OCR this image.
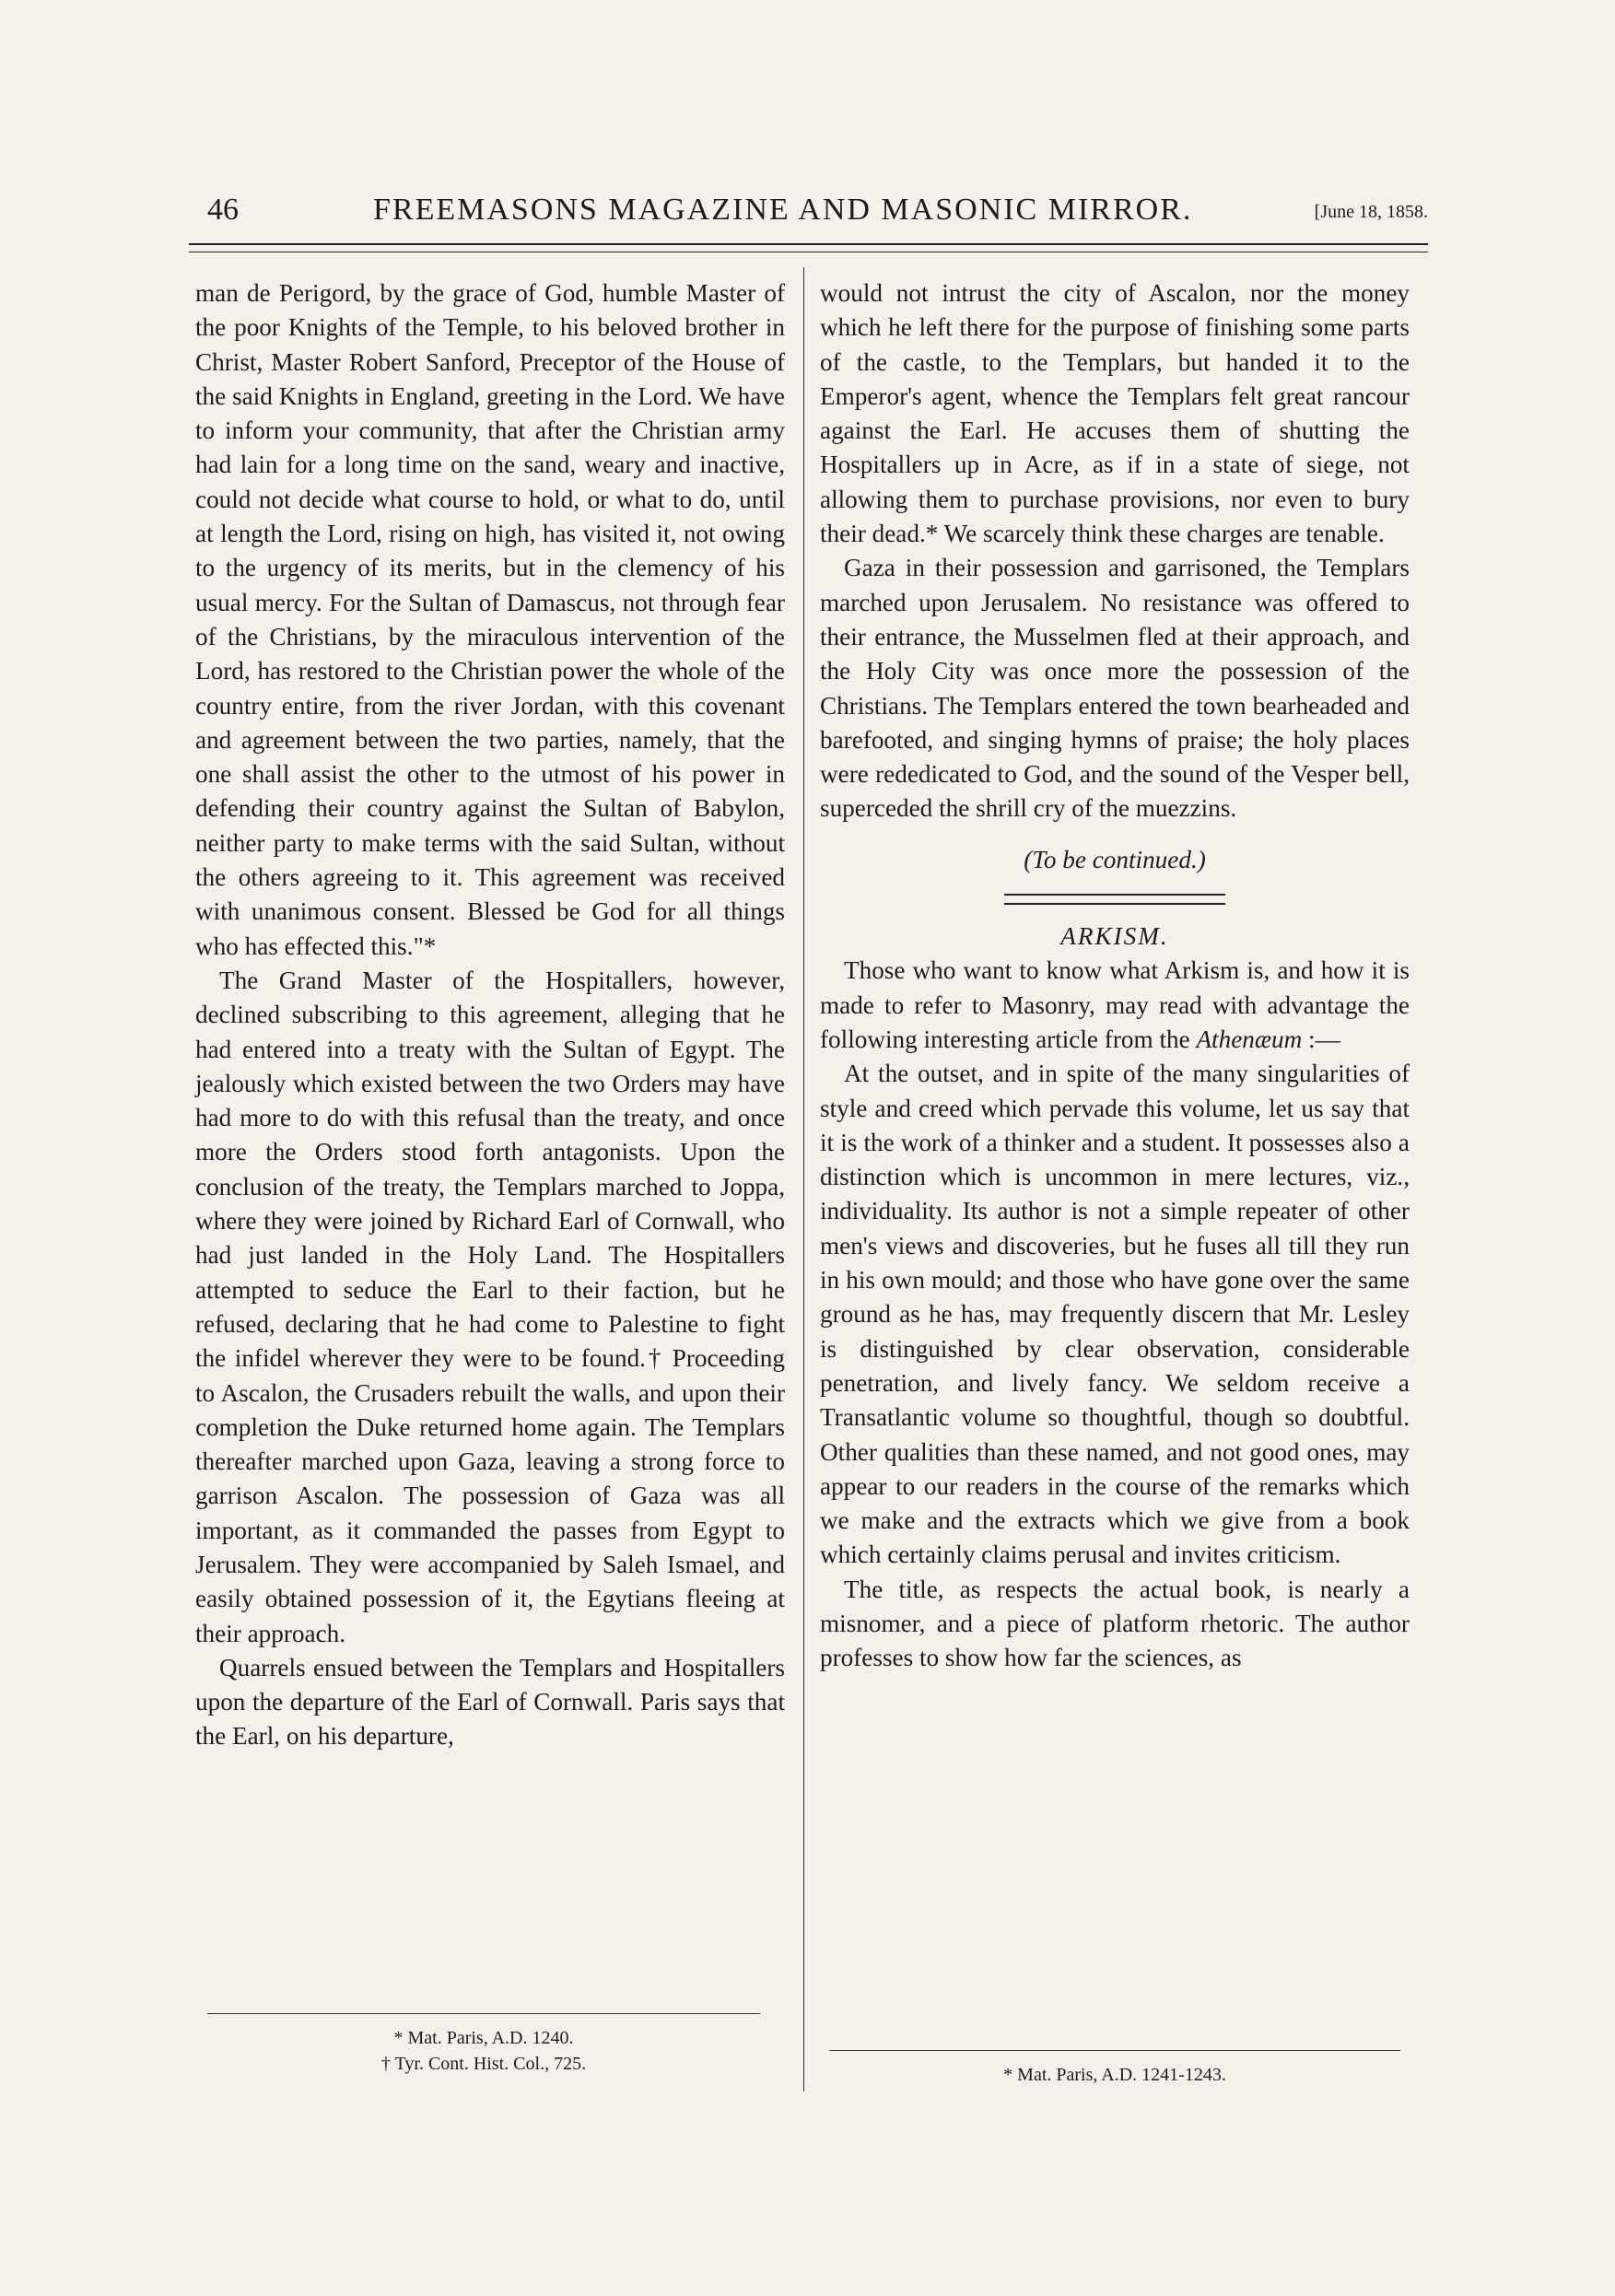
46	FREEMASONS MAGAZINE AND MASONIC MIRROR.	[June 18, 1858.

man de Perigord, by the grace of God, humble Master of the poor Knights of the Temple, to his beloved brother in Christ, Master Robert Sanford, Preceptor of the House of the said Knights in England, greeting in the Lord. We have to inform your community, that after the Christian army had lain for a long time on the sand, weary and inactive, could not decide what course to hold, or what to do, until at length the Lord, rising on high, has visited it, not owing to the urgency of its merits, but in the clemency of his usual mercy. For the Sultan of Damascus, not through fear of the Christians, by the miraculous intervention of the Lord, has restored to the Christian power the whole of the country entire, from the river Jordan, with this covenant and agreement between the two parties, namely, that the one shall assist the other to the utmost of his power in defending their country against the Sultan of Babylon, neither party to make terms with the said Sultan, without the others agreeing to it. This agreement was received with unanimous consent. Blessed be God for all things who has effected this."*

The Grand Master of the Hospitallers, however, declined subscribing to this agreement, alleging that he had entered into a treaty with the Sultan of Egypt. The jealously which existed between the two Orders may have had more to do with this refusal than the treaty, and once more the Orders stood forth antagonists. Upon the conclusion of the treaty, the Templars marched to Joppa, where they were joined by Richard Earl of Cornwall, who had just landed in the Holy Land. The Hospitallers attempted to seduce the Earl to their faction, but he refused, declaring that he had come to Palestine to fight the infidel wherever they were to be found.† Proceeding to Ascalon, the Crusaders rebuilt the walls, and upon their completion the Duke returned home again. The Templars thereafter marched upon Gaza, leaving a strong force to garrison Ascalon. The possession of Gaza was all important, as it commanded the passes from Egypt to Jerusalem. They were accompanied by Saleh Ismael, and easily obtained possession of it, the Egytians fleeing at their approach.

Quarrels ensued between the Templars and Hospitallers upon the departure of the Earl of Cornwall. Paris says that the Earl, on his departure,

* Mat. Paris, A.D. 1240.
† Tyr. Cont. Hist. Col., 725.

would not intrust the city of Ascalon, nor the money which he left there for the purpose of finishing some parts of the castle, to the Templars, but handed it to the Emperor's agent, whence the Templars felt great rancour against the Earl. He accuses them of shutting the Hospitallers up in Acre, as if in a state of siege, not allowing them to purchase provisions, nor even to bury their dead.* We scarcely think these charges are tenable.

Gaza in their possession and garrisoned, the Templars marched upon Jerusalem. No resistance was offered to their entrance, the Musselmen fled at their approach, and the Holy City was once more the possession of the Christians. The Templars entered the town bearheaded and barefooted, and singing hymns of praise; the holy places were rededicated to God, and the sound of the Vesper bell, superceded the shrill cry of the muezzins.

(To be continued.)

ARKISM.

Those who want to know what Arkism is, and how it is made to refer to Masonry, may read with advantage the following interesting article from the Athenæum :—

At the outset, and in spite of the many singularities of style and creed which pervade this volume, let us say that it is the work of a thinker and a student. It possesses also a distinction which is uncommon in mere lectures, viz., individuality. Its author is not a simple repeater of other men's views and discoveries, but he fuses all till they run in his own mould; and those who have gone over the same ground as he has, may frequently discern that Mr. Lesley is distinguished by clear observation, considerable penetration, and lively fancy. We seldom receive a Transatlantic volume so thoughtful, though so doubtful. Other qualities than these named, and not good ones, may appear to our readers in the course of the remarks which we make and the extracts which we give from a book which certainly claims perusal and invites criticism.

The title, as respects the actual book, is nearly a misnomer, and a piece of platform rhetoric. The author professes to show how far the sciences, as

* Mat. Paris, A.D. 1241-1243.
